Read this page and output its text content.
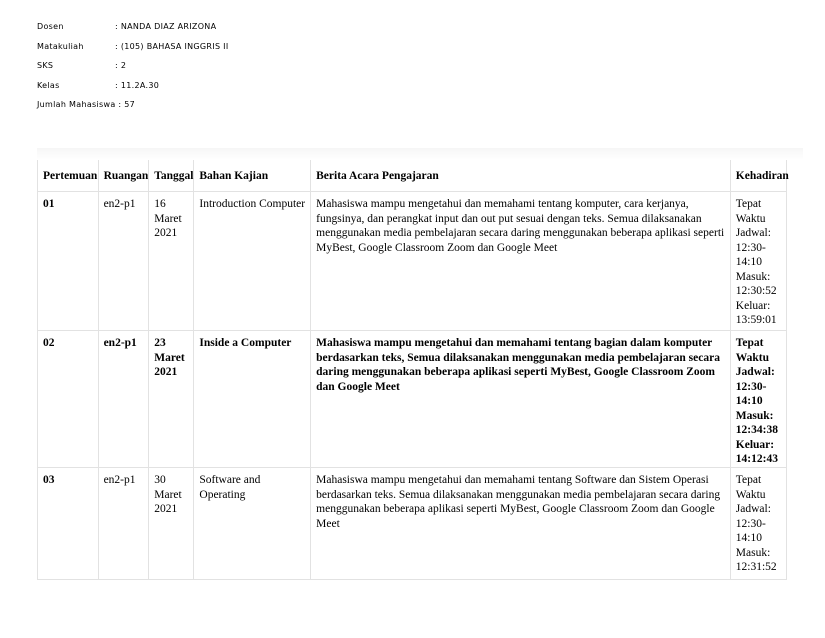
Dosen	: NANDA DIAZ ARIZONA
Matakuliah	: (105) BAHASA INGGRIS II
SKS	: 2
Kelas	: 11.2A.30
Jumlah Mahasiswa : 57
Pertemuan	Ruangan	Tanggal	Bahan Kajian	Berita Acara Pengajaran	Kehadiran
01	en2-p1	16 Maret 2021	Introduction Computer	Mahasiswa mampu mengetahui dan memahami tentang komputer, cara kerjanya, fungsinya, dan perangkat input dan out put sesuai dengan teks. Semua dilaksanakan menggunakan media pembelajaran secara daring menggunakan beberapa aplikasi seperti MyBest, Google Classroom Zoom dan Google Meet	Tepat Waktu Jadwal: 12:30-14:10 Masuk: 12:30:52 Keluar: 13:59:01
02	en2-p1	23 Maret 2021	Inside a Computer	Mahasiswa mampu mengetahui dan memahami tentang bagian dalam komputer berdasarkan teks, Semua dilaksanakan menggunakan media pembelajaran secara daring menggunakan beberapa aplikasi seperti MyBest, Google Classroom Zoom dan Google Meet	Tepat Waktu Jadwal: 12:30-14:10 Masuk: 12:34:38 Keluar: 14:12:43
03	en2-p1	30 Maret 2021	Software and Operating	Mahasiswa mampu mengetahui dan memahami tentang Software dan Sistem Operasi berdasarkan teks. Semua dilaksanakan menggunakan media pembelajaran secara daring menggunakan beberapa aplikasi seperti MyBest, Google Classroom Zoom dan Google Meet	Tepat Waktu Jadwal: 12:30-14:10 Masuk: 12:31:52
